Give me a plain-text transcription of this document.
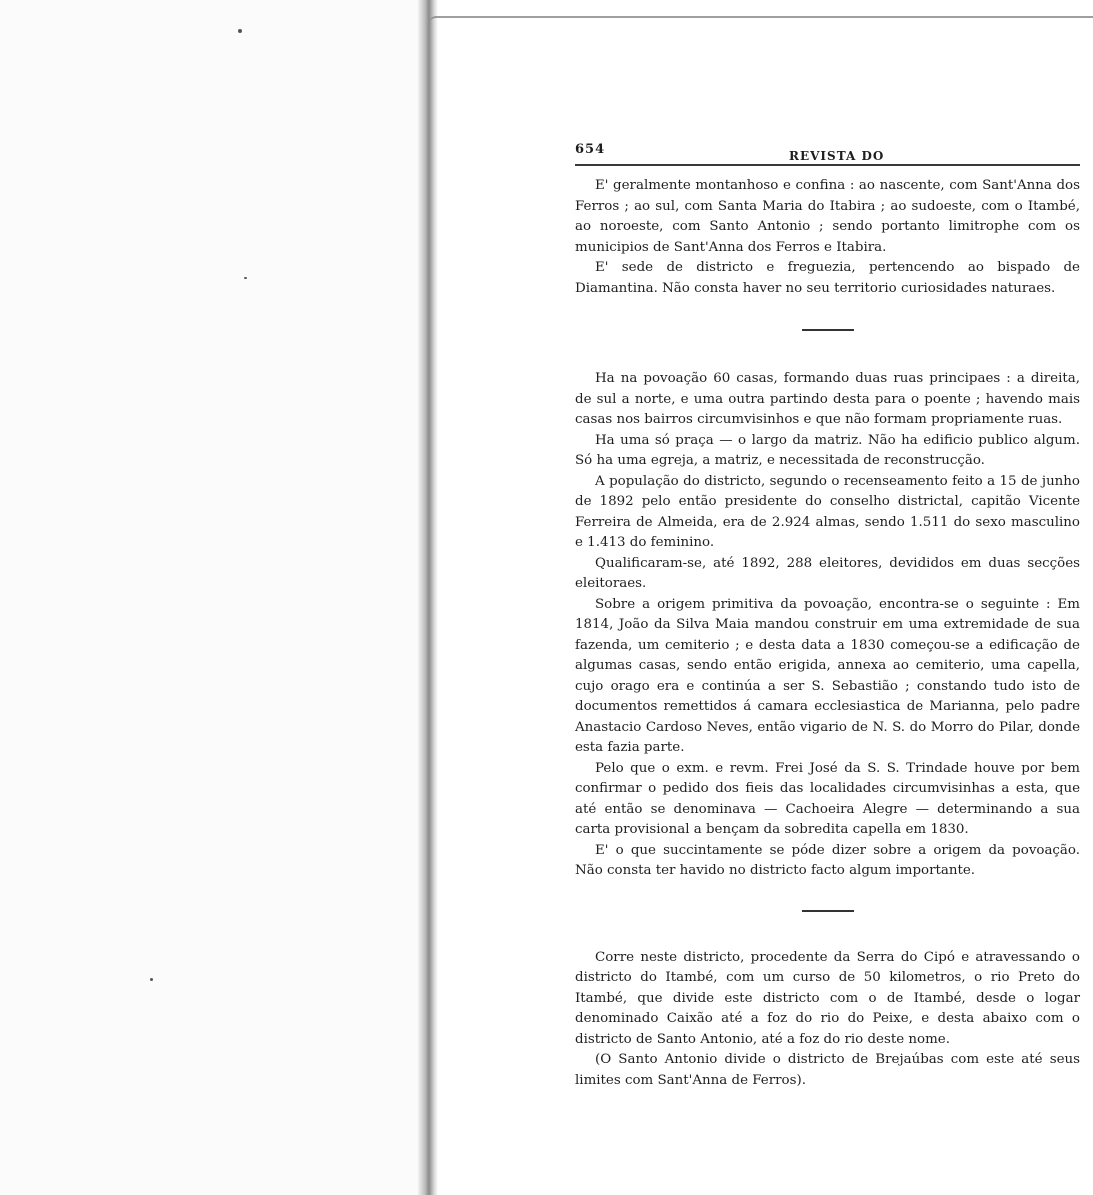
654	REVISTA DO

E' geralmente montanhoso e confina : ao nascente, com Sant'Anna dos Ferros ; ao sul, com Santa Maria do Itabira ; ao sudoeste, com o Itambé, ao noroeste, com Santo Antonio ; sendo portanto limitrophe com os municipios de Sant'Anna dos Ferros e Itabira.

E' sede de districto e freguezia, pertencendo ao bispado de Diamantina. Não consta haver no seu territorio curiosidades naturaes.

Ha na povoação 60 casas, formando duas ruas principaes : a direita, de sul a norte, e uma outra partindo desta para o poente ; havendo mais casas nos bairros circumvisinhos e que não formam propriamente ruas.

Ha uma só praça — o largo da matriz. Não ha edificio publico algum. Só ha uma egreja, a matriz, e necessitada de reconstrucção.

A população do districto, segundo o recenseamento feito a 15 de junho de 1892 pelo então presidente do conselho districtal, capitão Vicente Ferreira de Almeida, era de 2.924 almas, sendo 1.511 do sexo masculino e 1.413 do feminino.

Qualificaram-se, até 1892, 288 eleitores, devididos em duas secções eleitoraes.

Sobre a origem primitiva da povoação, encontra-se o seguinte : Em 1814, João da Silva Maia mandou construir em uma extremidade de sua fazenda, um cemiterio ; e desta data a 1830 começou-se a edificação de algumas casas, sendo então erigida, annexa ao cemiterio, uma capella, cujo orago era e continúa a ser S. Sebastião ; constando tudo isto de documentos remettidos á camara ecclesiastica de Marianna, pelo padre Anastacio Cardoso Neves, então vigario de N. S. do Morro do Pilar, donde esta fazia parte.

Pelo que o exm. e revm. Frei José da S. S. Trindade houve por bem confirmar o pedido dos fieis das localidades circumvisinhas a esta, que até então se denominava — Cachoeira Alegre — determinando a sua carta provisional a bençam da sobredita capella em 1830.

E' o que succintamente se póde dizer sobre a origem da povoação. Não consta ter havido no districto facto algum importante.

Corre neste districto, procedente da Serra do Cipó e atravessando o districto do Itambé, com um curso de 50 kilometros, o rio Preto do Itambé, que divide este districto com o de Itambé, desde o logar denominado Caixão até a foz do rio do Peixe, e desta abaixo com o districto de Santo Antonio, até a foz do rio deste nome.

(O Santo Antonio divide o districto de Brejaúbas com este até seus limites com Sant'Anna de Ferros).
